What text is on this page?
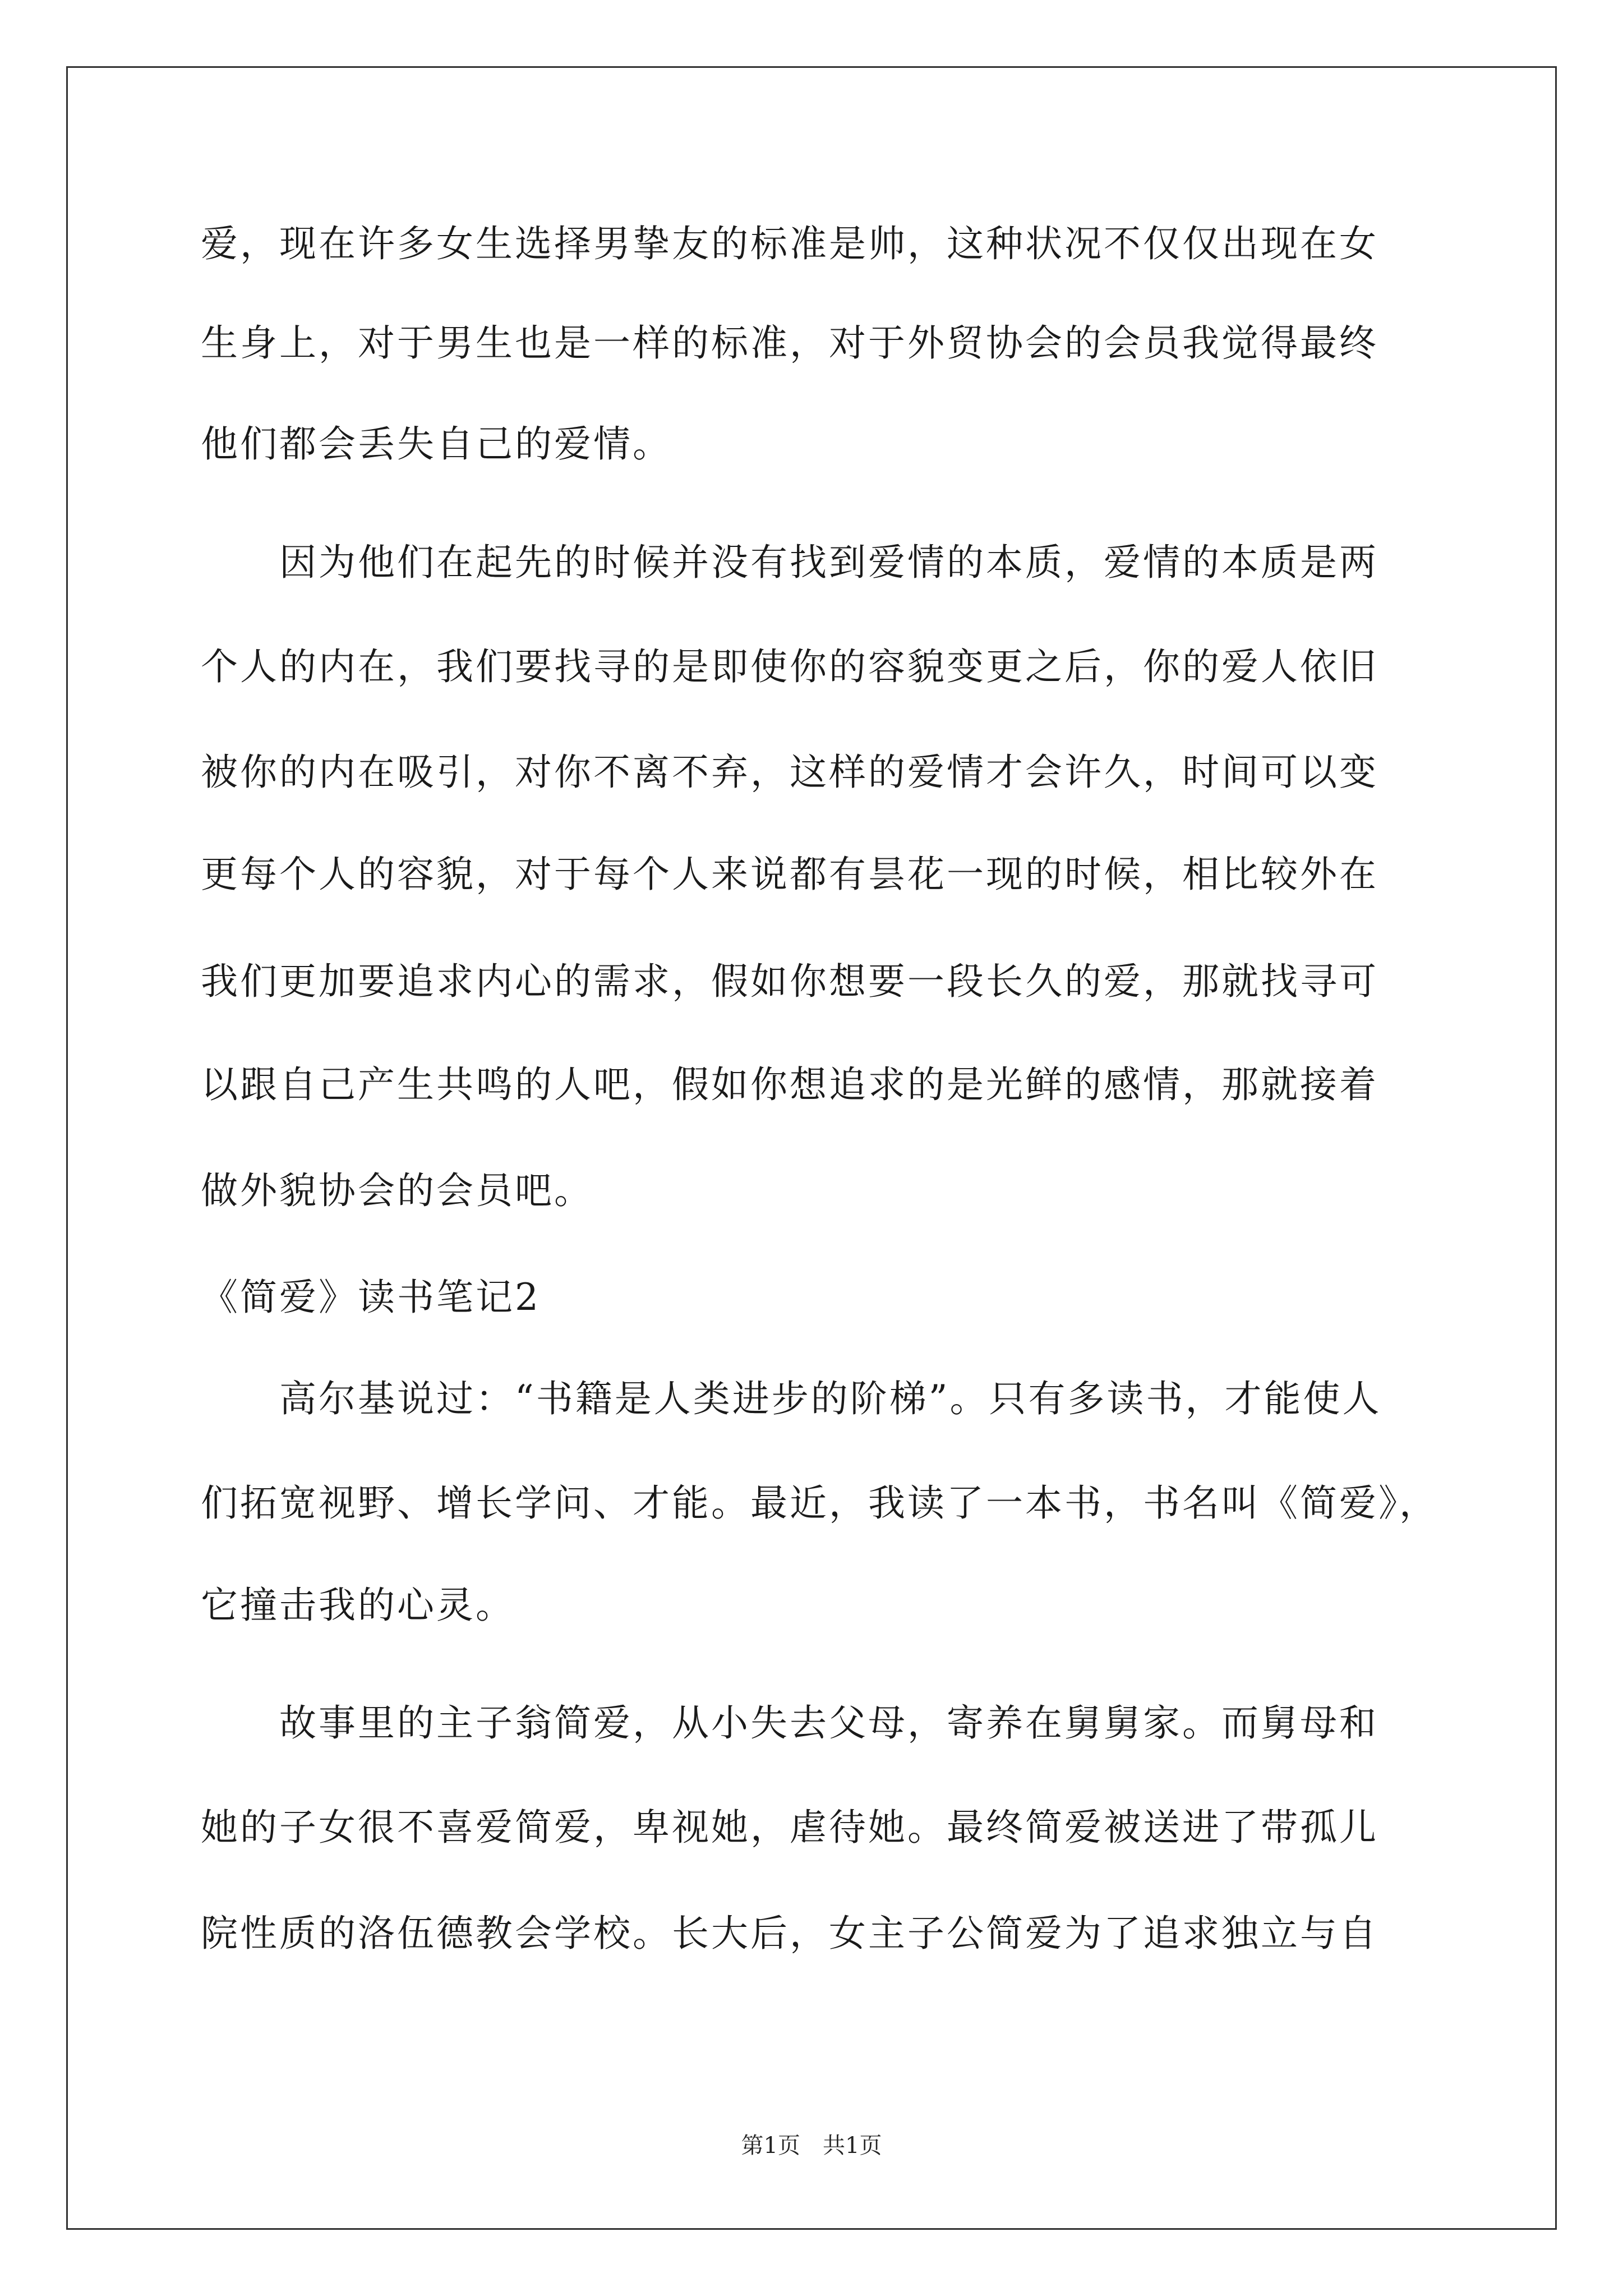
爱，现在许多女生选择男挚友的标准是帅，这种状况不仅仅出现在女
生身上，对于男生也是一样的标准，对于外贸协会的会员我觉得最终
他们都会丢失自己的爱情。
因为他们在起先的时候并没有找到爱情的本质，爱情的本质是两
个人的内在，我们要找寻的是即使你的容貌变更之后，你的爱人依旧
被你的内在吸引，对你不离不弃，这样的爱情才会许久，时间可以变
更每个人的容貌，对于每个人来说都有昙花一现的时候，相比较外在
我们更加要追求内心的需求，假如你想要一段长久的爱，那就找寻可
以跟自己产生共鸣的人吧，假如你想追求的是光鲜的感情，那就接着
做外貌协会的会员吧。
《简爱》读书笔记2
高尔基说过：“书籍是人类进步的阶梯”。只有多读书，才能使人
们拓宽视野、增长学问、才能。最近，我读了一本书，书名叫《简爱》，
它撞击我的心灵。
故事里的主子翁简爱，从小失去父母，寄养在舅舅家。而舅母和
她的子女很不喜爱简爱，卑视她，虐待她。最终简爱被送进了带孤儿
院性质的洛伍德教会学校。长大后，女主子公简爱为了追求独立与自
第1页　共1页
